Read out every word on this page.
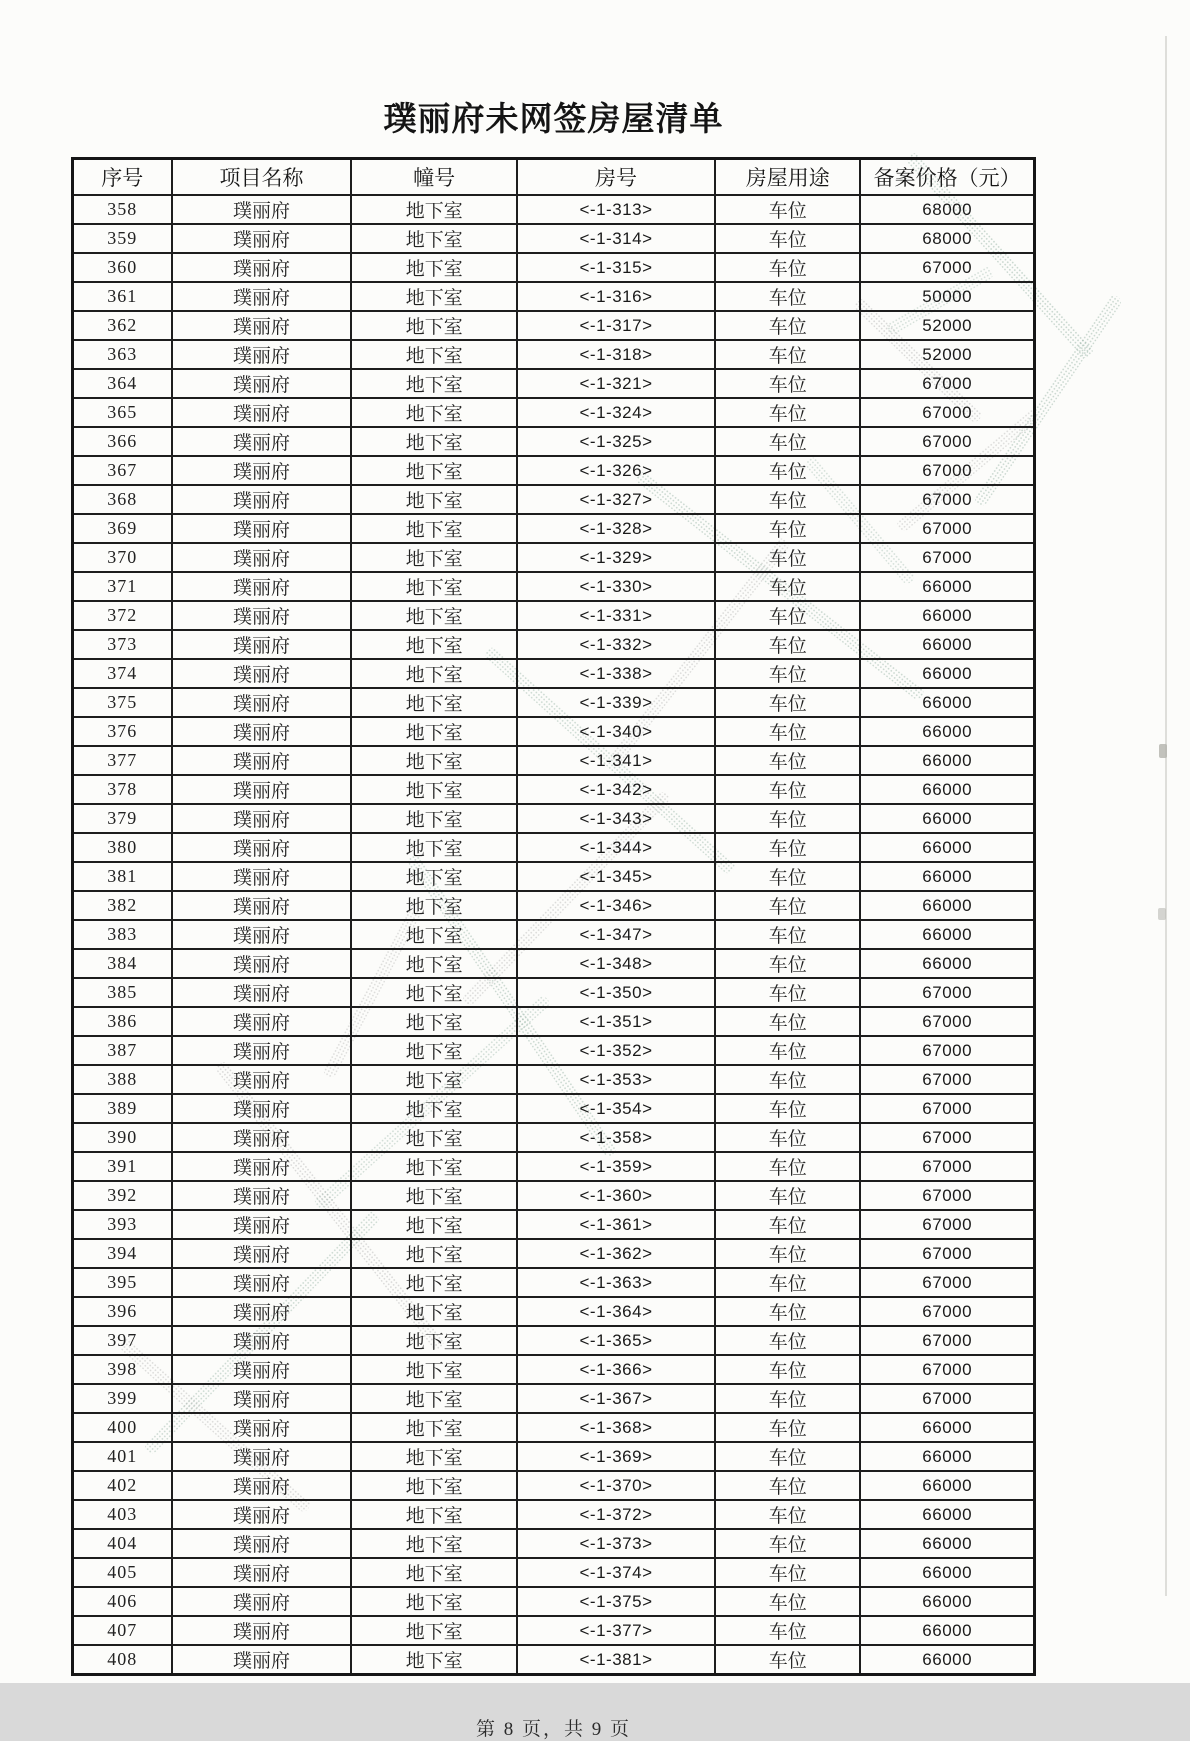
璞丽府未网签房屋清单
序号	项目名称	幢号	房号	房屋用途	备案价格（元）
358	璞丽府	地下室	<-1-313>	车位	68000
359	璞丽府	地下室	<-1-314>	车位	68000
360	璞丽府	地下室	<-1-315>	车位	67000
361	璞丽府	地下室	<-1-316>	车位	50000
362	璞丽府	地下室	<-1-317>	车位	52000
363	璞丽府	地下室	<-1-318>	车位	52000
364	璞丽府	地下室	<-1-321>	车位	67000
365	璞丽府	地下室	<-1-324>	车位	67000
366	璞丽府	地下室	<-1-325>	车位	67000
367	璞丽府	地下室	<-1-326>	车位	67000
368	璞丽府	地下室	<-1-327>	车位	67000
369	璞丽府	地下室	<-1-328>	车位	67000
370	璞丽府	地下室	<-1-329>	车位	67000
371	璞丽府	地下室	<-1-330>	车位	66000
372	璞丽府	地下室	<-1-331>	车位	66000
373	璞丽府	地下室	<-1-332>	车位	66000
374	璞丽府	地下室	<-1-338>	车位	66000
375	璞丽府	地下室	<-1-339>	车位	66000
376	璞丽府	地下室	<-1-340>	车位	66000
377	璞丽府	地下室	<-1-341>	车位	66000
378	璞丽府	地下室	<-1-342>	车位	66000
379	璞丽府	地下室	<-1-343>	车位	66000
380	璞丽府	地下室	<-1-344>	车位	66000
381	璞丽府	地下室	<-1-345>	车位	66000
382	璞丽府	地下室	<-1-346>	车位	66000
383	璞丽府	地下室	<-1-347>	车位	66000
384	璞丽府	地下室	<-1-348>	车位	66000
385	璞丽府	地下室	<-1-350>	车位	67000
386	璞丽府	地下室	<-1-351>	车位	67000
387	璞丽府	地下室	<-1-352>	车位	67000
388	璞丽府	地下室	<-1-353>	车位	67000
389	璞丽府	地下室	<-1-354>	车位	67000
390	璞丽府	地下室	<-1-358>	车位	67000
391	璞丽府	地下室	<-1-359>	车位	67000
392	璞丽府	地下室	<-1-360>	车位	67000
393	璞丽府	地下室	<-1-361>	车位	67000
394	璞丽府	地下室	<-1-362>	车位	67000
395	璞丽府	地下室	<-1-363>	车位	67000
396	璞丽府	地下室	<-1-364>	车位	67000
397	璞丽府	地下室	<-1-365>	车位	67000
398	璞丽府	地下室	<-1-366>	车位	67000
399	璞丽府	地下室	<-1-367>	车位	67000
400	璞丽府	地下室	<-1-368>	车位	66000
401	璞丽府	地下室	<-1-369>	车位	66000
402	璞丽府	地下室	<-1-370>	车位	66000
403	璞丽府	地下室	<-1-372>	车位	66000
404	璞丽府	地下室	<-1-373>	车位	66000
405	璞丽府	地下室	<-1-374>	车位	66000
406	璞丽府	地下室	<-1-375>	车位	66000
407	璞丽府	地下室	<-1-377>	车位	66000
408	璞丽府	地下室	<-1-381>	车位	66000
第 8 页，共 9 页
